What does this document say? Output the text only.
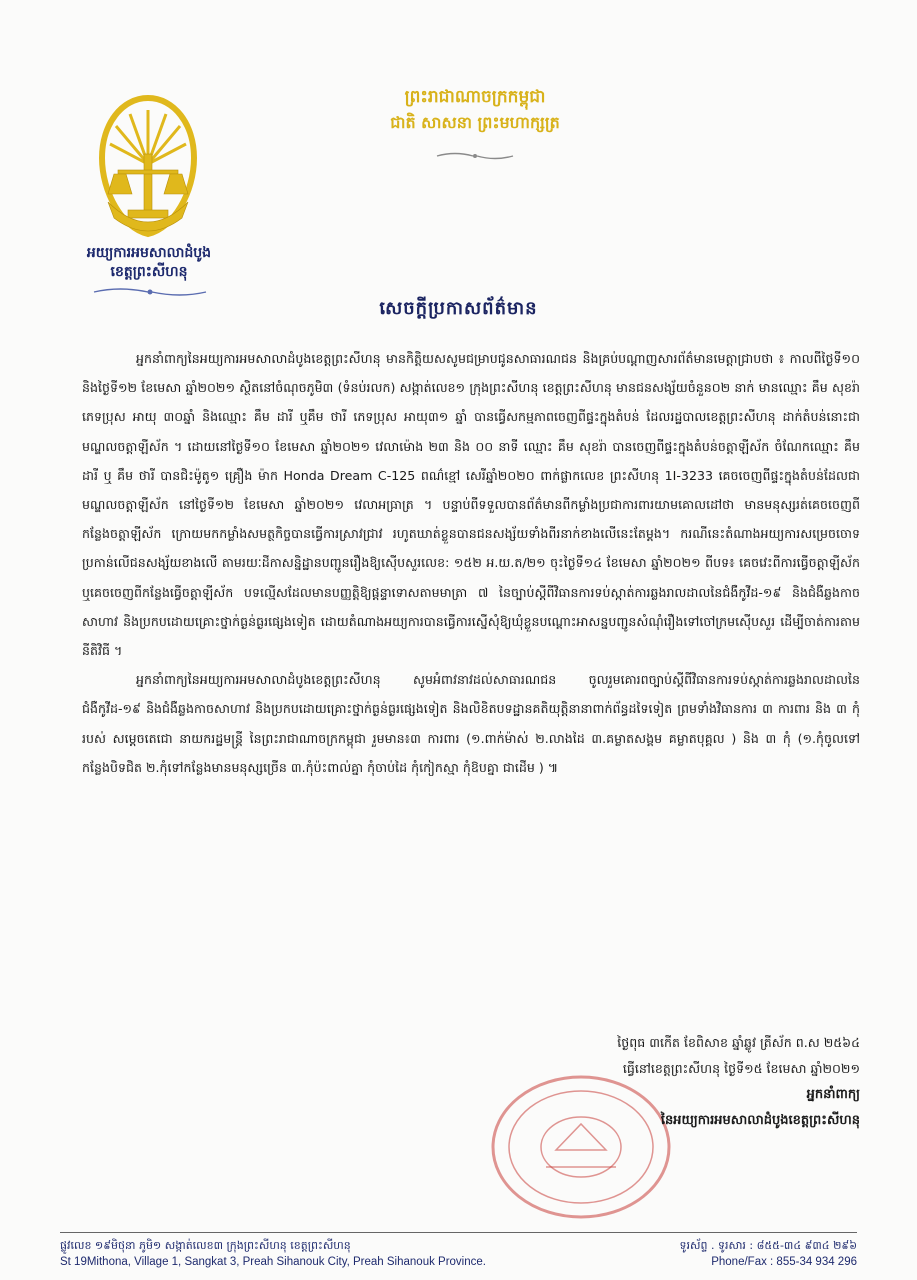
អយ្យការអមសាលាដំបូង
ខេត្តព្រះសីហនុ
ព្រះរាជាណាចក្រកម្ពុជា
ជាតិ សាសនា ព្រះមហាក្សត្រ
សេចក្តីប្រកាសព័ត៌មាន

អ្នកនាំពាក្យនៃអយ្យការអមសាលាដំបូងខេត្តព្រះសីហនុ មានកិត្តិយសសូមជម្រាបជូនសាធារណជន និងគ្រប់បណ្តាញសារព័ត៌មានមេត្តាជ្រាបថា ៖ កាលពីថ្ងៃទី១០ និងថ្ងៃទី១២ ខែមេសា ឆ្នាំ២០២១ ស្ថិតនៅចំណុចភូមិ៣ (ទំនប់រលក) សង្កាត់លេខ១ ក្រុងព្រះសីហនុ ខេត្តព្រះសីហនុ មានជនសង្ស័យចំនួន០២ នាក់ មានឈ្មោះ គឹម សុខរ៉ា ភេទប្រុស អាយុ ៣០ឆ្នាំ និងឈ្មោះ គឹម ដារី ឬគឹម ថារី ភេទប្រុស អាយុ៣១ ឆ្នាំ បានធ្វើសកម្មភាពចេញពីផ្ទះក្នុងតំបន់ ដែលរដ្ឋបាលខេត្តព្រះសីហនុ ដាក់តំបន់នោះជាមណ្ឌលចត្តាឡីស័ក ។ ដោយនៅថ្ងៃទី១០ ខែមេសា ឆ្នាំ២០២១ វេលាម៉ោង ២៣ និង ០០ នាទី ឈ្មោះ គឹម សុខរ៉ា បានចេញពីផ្ទះក្នុងតំបន់ចត្តាឡីស័ក ចំណែកឈ្មោះ គឹម ដារី ឬ គឹម ថារី បានជិះម៉ូតូ១ គ្រឿង ម៉ាក Honda Dream C-125 ពណ៌ខ្មៅ សេរីឆ្នាំ២០២០ ពាក់ផ្លាកលេខ ព្រះសីហនុ 1I-3233 គេចចេញពីផ្ទះក្នុងតំបន់ដែលជាមណ្ឌលចត្តាឡីស័ក នៅថ្ងៃទី១២ ខែមេសា ឆ្នាំ២០២១ វេលាអធ្រាត្រ ។ បន្ទាប់ពីទទួលបានព័ត៌មានពីកម្លាំងប្រជាការពារយាមគោលដៅថា មានមនុស្សរត់គេចចេញពីកន្លែងចត្តាឡីស័ក ក្រោយមកកម្លាំងសមត្ថកិច្ចបានធ្វើការស្រាវជ្រាវ រហូតឃាត់ខ្លួនបានជនសង្ស័យទាំងពីរនាក់ខាងលើនេះតែម្តង។ ករណីនេះតំណាងអយ្យការសម្រេចចោទប្រកាន់លើជនសង្ស័យខាងលើ តាមរយៈដីកាសន្និដ្ឋានបញ្ជូនរឿងឱ្យស៊ើបសួរលេខ: ១៥២ អ.យ.ត/២១ ចុះថ្ងៃទី១៤ ខែមេសា ឆ្នាំ២០២១ ពីបទ៖ គេចវេះពីការធ្វើចត្តាឡីស័ក ឬគេចចេញពីកន្លែងធ្វើចត្តាឡីស័ក បទល្មើសដែលមានបញ្ញត្តិឱ្យផ្តន្ទាទោសតាមមាត្រា ៧ នៃច្បាប់ស្តីពីវិធានការទប់ស្កាត់ការឆ្លងរាលដាលនៃជំងឺកូវីដ-១៩ និងជំងឺឆ្លងកាចសាហាវ និងប្រកបដោយគ្រោះថ្នាក់ធ្ងន់ធ្ងរផ្សេងទៀត ដោយតំណាងអយ្យការបានធ្វើការស្នើសុំឱ្យឃុំខ្លួនបណ្តោះអាសន្នបញ្ជូនសំណុំរឿងទៅចៅក្រមស៊ើបសួរ ដើម្បីចាត់ការតាមនីតិវិធី ។

អ្នកនាំពាក្យនៃអយ្យការអមសាលាដំបូងខេត្តព្រះសីហនុ សូមអំពាវនាវដល់សាធារណជន ចូលរួមគោរពច្បាប់ស្តីពីវិធានការទប់ស្កាត់ការឆ្លងរាលដាលនៃជំងឺកូវីដ-១៩ និងជំងឺឆ្លងកាចសាហាវ និងប្រកបដោយគ្រោះថ្នាក់ធ្ងន់ធ្ងរផ្សេងទៀត និងលិខិតបទដ្ឋានគតិយុត្តិនានាពាក់ព័ន្ធដទៃទៀត ព្រមទាំងវិធានការ ៣ ការពារ និង ៣ កុំ របស់ សម្តេចតេជោ នាយករដ្ឋមន្ត្រី នៃព្រះរាជាណាចក្រកម្ពុជា រួមមាន៖៣ ការពារ (១.ពាក់ម៉ាស់ ២.លាងដៃ ៣.គម្លាតសង្គម គម្លាតបុគ្គល ) និង ៣ កុំ (១.កុំចូលទៅកន្លែងបិទជិត ២.កុំទៅកន្លែងមានមនុស្សច្រើន ៣.កុំប៉ះពាល់គ្នា កុំចាប់ដៃ កុំកៀកស្មា កុំឱបគ្នា ជាដើម ) ៕

ថ្ងៃពុធ ៣កើត ខែពិសាខ ឆ្នាំឆ្លូវ ត្រីស័ក ព.ស ២៥៦៤
ធ្វើនៅខេត្តព្រះសីហនុ ថ្ងៃទី១៥ ខែមេសា ឆ្នាំ២០២១
អ្នកនាំពាក្យ
នៃអយ្យការអមសាលាដំបូងខេត្តព្រះសីហនុ
ផ្លូវលេខ ១៩មិថុនា ភូមិ១ សង្កាត់លេខ៣ ក្រុងព្រះសីហនុ ខេត្តព្រះសីហនុ
St 19Mithona, Village 1, Sangkat 3, Preah Sihanouk City, Preah Sihanouk Province.
ទូរស័ព្ទ . ទូរសារ : ៨៥៥-៣៤ ៩៣៤ ២៩៦
Phone/Fax : 855-34 934 296
